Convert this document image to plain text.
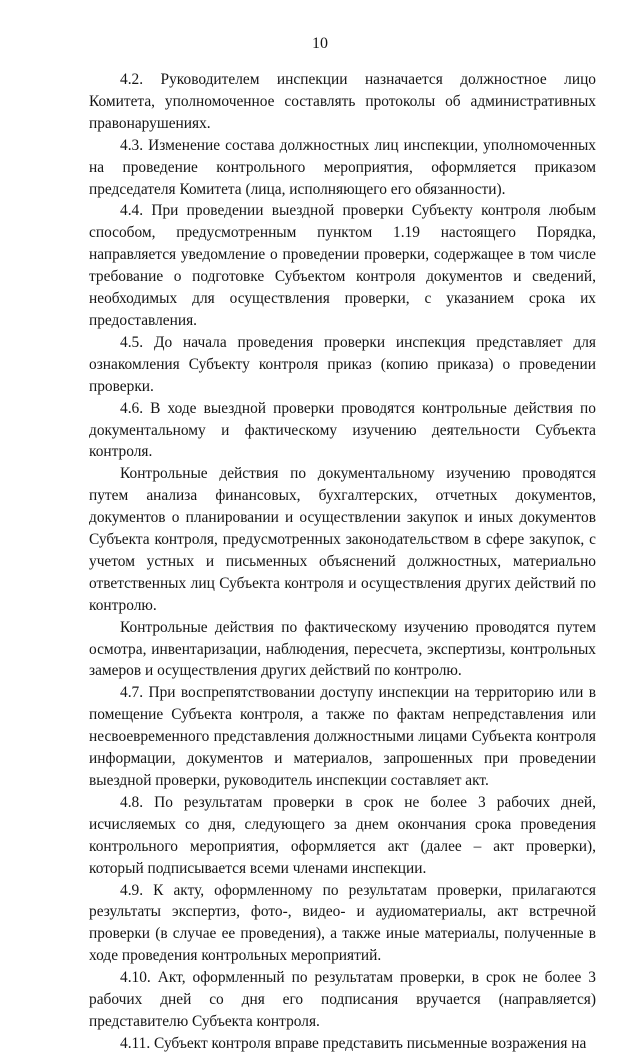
10

4.2. Руководителем инспекции назначается должностное лицо Комитета, уполномоченное составлять протоколы об административных правонарушениях.

4.3. Изменение состава должностных лиц инспекции, уполномоченных на проведение контрольного мероприятия, оформляется приказом председателя Комитета (лица, исполняющего его обязанности).

4.4. При проведении выездной проверки Субъекту контроля любым способом, предусмотренным пунктом 1.19 настоящего Порядка, направляется уведомление о проведении проверки, содержащее в том числе требование о подготовке Субъектом контроля документов и сведений, необходимых для осуществления проверки, с указанием срока их предоставления.

4.5. До начала проведения проверки инспекция представляет для ознакомления Субъекту контроля приказ (копию приказа) о проведении проверки.

4.6. В ходе выездной проверки проводятся контрольные действия по документальному и фактическому изучению деятельности Субъекта контроля.

Контрольные действия по документальному изучению проводятся путем анализа финансовых, бухгалтерских, отчетных документов, документов о планировании и осуществлении закупок и иных документов Субъекта контроля, предусмотренных законодательством в сфере закупок, с учетом устных и письменных объяснений должностных, материально ответственных лиц Субъекта контроля и осуществления других действий по контролю.

Контрольные действия по фактическому изучению проводятся путем осмотра, инвентаризации, наблюдения, пересчета, экспертизы, контрольных замеров и осуществления других действий по контролю.

4.7. При воспрепятствовании доступу инспекции на территорию или в помещение Субъекта контроля, а также по фактам непредставления или несвоевременного представления должностными лицами Субъекта контроля информации, документов и материалов, запрошенных при проведении выездной проверки, руководитель инспекции составляет акт.

4.8. По результатам проверки в срок не более 3 рабочих дней, исчисляемых со дня, следующего за днем окончания срока проведения контрольного мероприятия, оформляется акт (далее – акт проверки), который подписывается всеми членами инспекции.

4.9. К акту, оформленному по результатам проверки, прилагаются результаты экспертиз, фото-, видео- и аудиоматериалы, акт встречной проверки (в случае ее проведения), а также иные материалы, полученные в ходе проведения контрольных мероприятий.

4.10. Акт, оформленный по результатам проверки, в срок не более 3 рабочих дней со дня его подписания вручается (направляется) представителю Субъекта контроля.

4.11. Субъект контроля вправе представить письменные возражения на
